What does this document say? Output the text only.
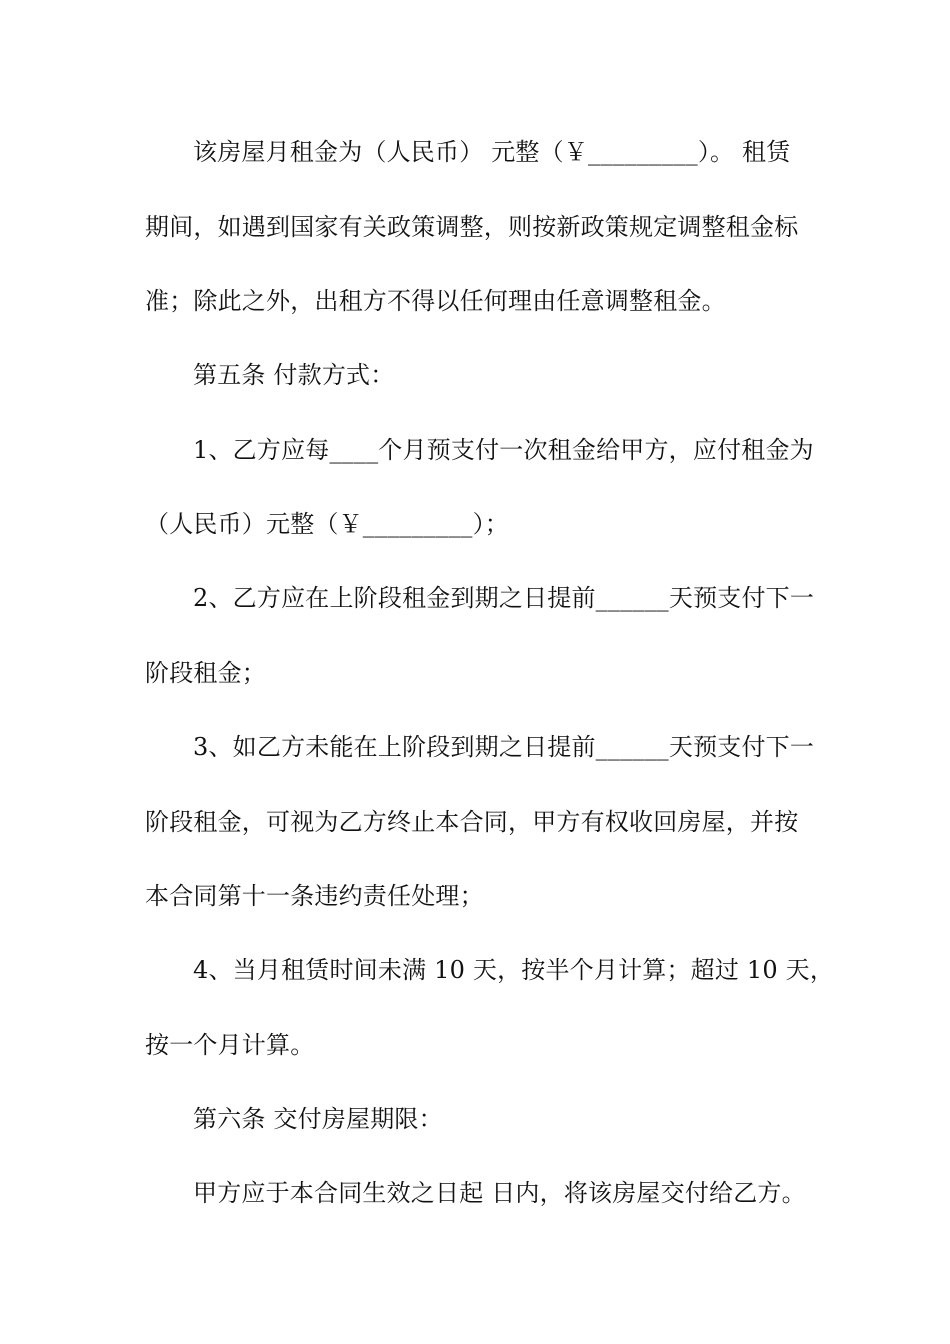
该房屋月租金为（人民币） 元整（￥_________）。 租赁
期间，如遇到国家有关政策调整，则按新政策规定调整租金标
准；除此之外，出租方不得以任何理由任意调整租金。
第五条 付款方式：
1、乙方应每____个月预支付一次租金给甲方，应付租金为
（人民币）元整（￥_________）；
2、乙方应在上阶段租金到期之日提前______天预支付下一
阶段租金；
3、如乙方未能在上阶段到期之日提前______天预支付下一
阶段租金，可视为乙方终止本合同，甲方有权收回房屋，并按
本合同第十一条违约责任处理；
4、当月租赁时间未满 10 天，按半个月计算；超过 10 天，
按一个月计算。
第六条 交付房屋期限：
甲方应于本合同生效之日起 日内，将该房屋交付给乙方。
